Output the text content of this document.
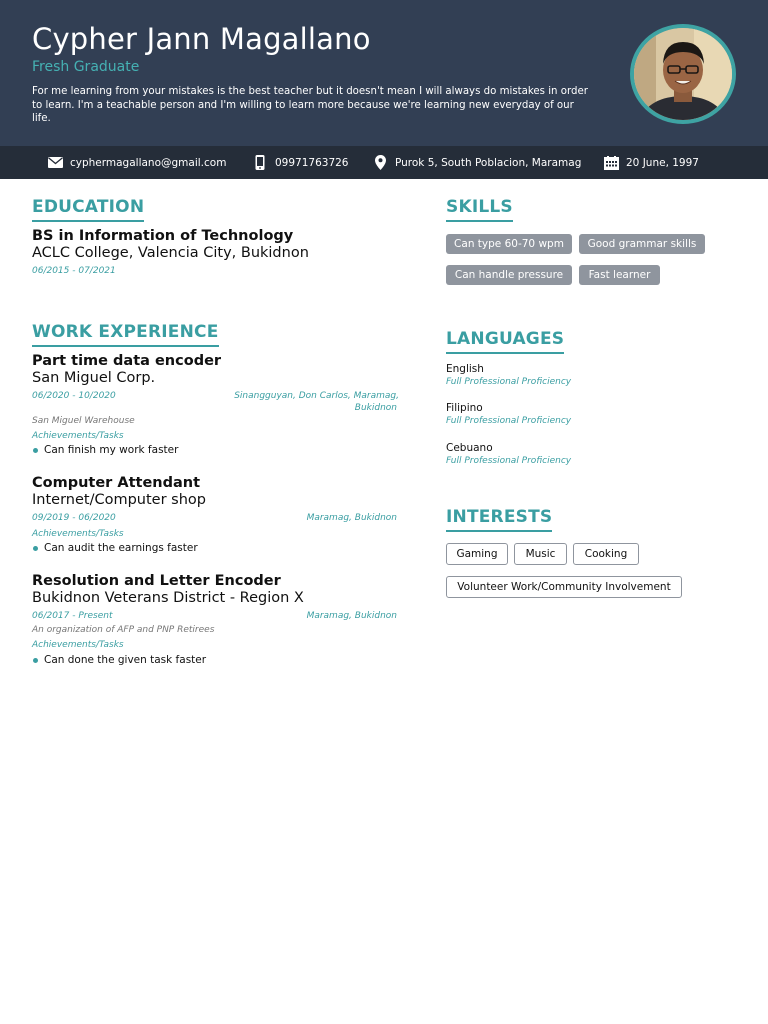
Cypher Jann Magallano
Fresh Graduate
For me learning from your mistakes is the best teacher but it doesn't mean I will always do mistakes in order to learn. I'm a teachable person and I'm willing to learn more because we're learning new everyday of our life.
cyphermagallano@gmail.com	09971763726	Purok 5, South Poblacion, Maramag	20 June, 1997
EDUCATION
BS in Information of Technology
ACLC College, Valencia City, Bukidnon
06/2015 - 07/2021
WORK EXPERIENCE
Part time data encoder
San Miguel Corp.
06/2020 - 10/2020	Sinangguyan, Don Carlos, Maramag,
Bukidnon
San Miguel Warehouse
Achievements/Tasks
Can finish my work faster
Computer Attendant
Internet/Computer shop
09/2019 - 06/2020	Maramag, Bukidnon
Achievements/Tasks
Can audit the earnings faster
Resolution and Letter Encoder
Bukidnon Veterans District - Region X
06/2017 - Present	Maramag, Bukidnon
An organization of AFP and PNP Retirees
Achievements/Tasks
Can done the given task faster
SKILLS
Can type 60-70 wpm	Good grammar skills
Can handle pressure	Fast learner
LANGUAGES
English
Full Professional Proficiency
Filipino
Full Professional Proficiency
Cebuano
Full Professional Proficiency
INTERESTS
Gaming	Music	Cooking
Volunteer Work/Community Involvement
